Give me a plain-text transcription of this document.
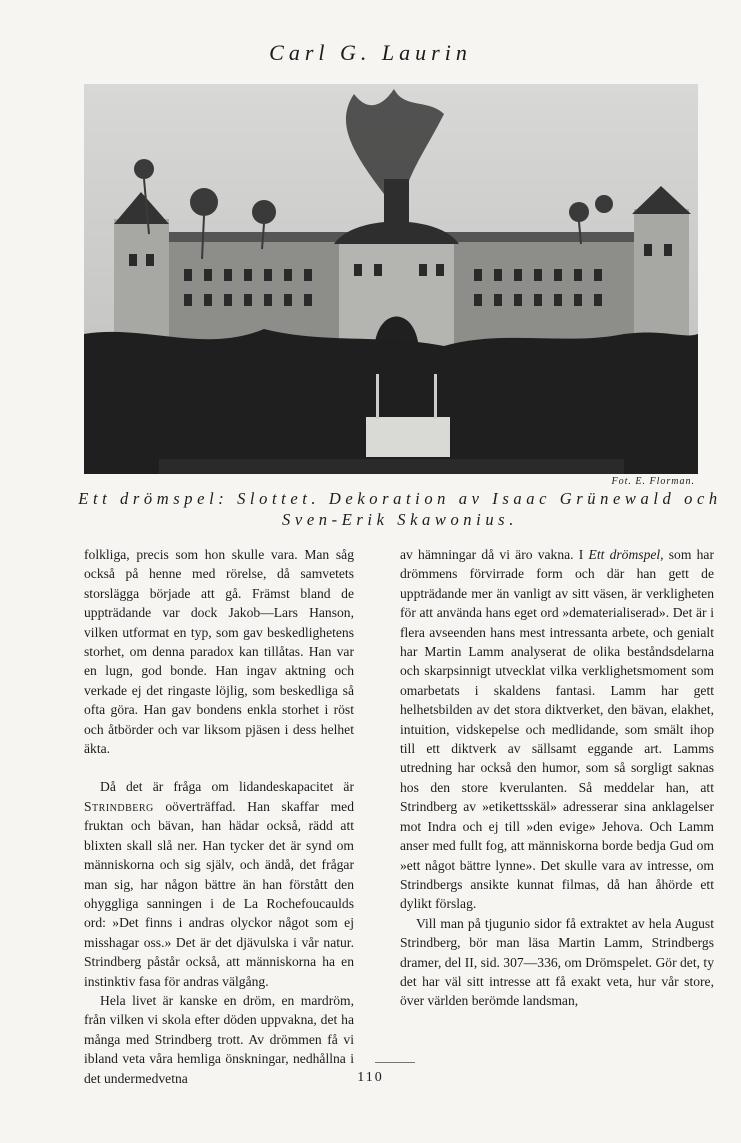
Carl G. Laurin
Fot. E. Florman.
Ett drömspel: Slottet. Dekoration av Isaac Grünewald och
Sven-Erik Skawonius.

folkliga, precis som hon skulle vara. Man såg också på henne med rörelse, då samvetets storslägga började att gå. Främst bland de uppträdande var dock Jakob—Lars Hanson, vilken utformat en typ, som gav beskedlighetens storhet, om denna paradox kan tillåtas. Han var en lugn, god bonde. Han ingav aktning och verkade ej det ringaste löjlig, som beskedliga så ofta göra. Han gav bondens enkla storhet i röst och åtbörder och var liksom pjäsen i dess helhet äkta.

Då det är fråga om lidandeskapacitet är Strindberg oöverträffad. Han skaffar med fruktan och bävan, han hädar också, rädd att blixten skall slå ner. Han tycker det är synd om människorna och sig själv, och ändå, det frågar man sig, har någon bättre än han förstått den ohyggliga sanningen i de La Rochefoucaulds ord: »Det finns i andras olyckor något som ej misshagar oss.» Det är det djävulska i vår natur. Strindberg påstår också, att människorna ha en instinktiv fasa för andras välgång.

Hela livet är kanske en dröm, en mardröm, från vilken vi skola efter döden uppvakna, det ha många med Strindberg trott. Av drömmen få vi ibland veta våra hemliga önskningar, nedhållna i det undermedvetna

av hämningar då vi äro vakna. I Ett drömspel, som har drömmens förvirrade form och där han gett de uppträdande mer än vanligt av sitt väsen, är verkligheten för att använda hans eget ord »dematerialiserad». Det är i flera avseenden hans mest intressanta arbete, och genialt har Martin Lamm analyserat de olika beståndsdelarna och skarpsinnigt utvecklat vilka verklighetsmoment som omarbetats i skaldens fantasi. Lamm har gett helhetsbilden av det stora diktverket, den bävan, elakhet, intuition, vidskepelse och medlidande, som smält ihop till ett diktverk av sällsamt eggande art. Lamms utredning har också den humor, som så sorgligt saknas hos den store kverulanten. Så meddelar han, att Strindberg av »etikettsskäl» adresserar sina anklagelser mot Indra och ej till »den evige» Jehova. Och Lamm anser med fullt fog, att människorna borde bedja Gud om »ett något bättre lynne». Det skulle vara av intresse, om Strindbergs ansikte kunnat filmas, då han åhörde ett dylikt förslag.

Vill man på tjugunio sidor få extraktet av hela August Strindberg, bör man läsa Martin Lamm, Strindbergs dramer, del II, sid. 307—336, om Drömspelet. Gör det, ty det har väl sitt intresse att få exakt veta, hur vår store, över världen berömde landsman,

110
